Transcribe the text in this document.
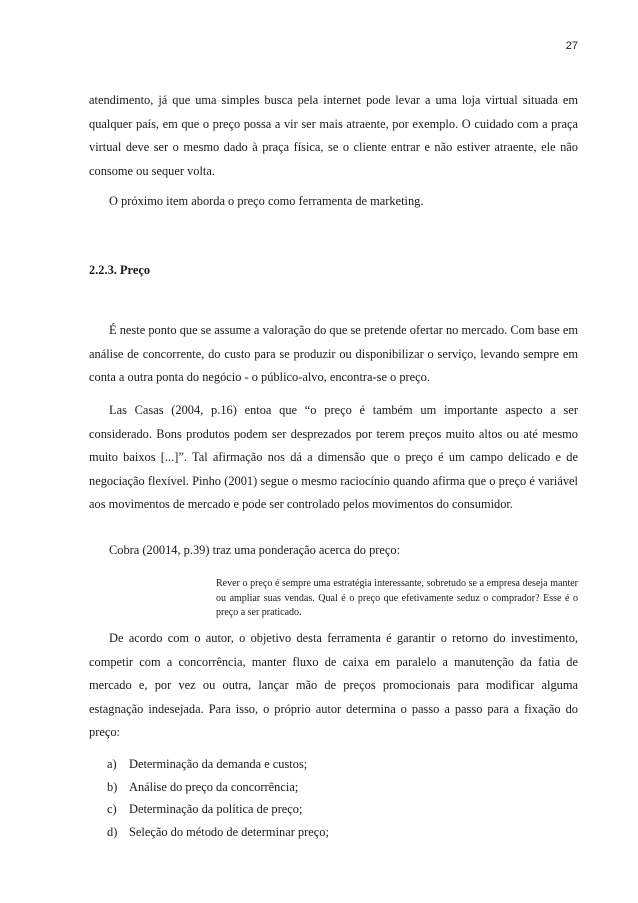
27

atendimento, já que uma simples busca pela internet pode levar a uma loja virtual situada em qualquer país, em que o preço possa a vir ser mais atraente, por exemplo. O cuidado com a praça virtual deve ser o mesmo dado à praça física, se o cliente entrar e não estiver atraente, ele não consome ou sequer volta.

O próximo item aborda o preço como ferramenta de marketing.

2.2.3. Preço

É neste ponto que se assume a valoração do que se pretende ofertar no mercado. Com base em análise de concorrente, do custo para se produzir ou disponibilizar o serviço, levando sempre em conta a outra ponta do negócio - o público-alvo, encontra-se o preço.

Las Casas (2004, p.16) entoa que “o preço é também um importante aspecto a ser considerado. Bons produtos podem ser desprezados por terem preços muito altos ou até mesmo muito baixos [...]”. Tal afirmação nos dá a dimensão que o preço é um campo delicado e de negociação flexível. Pinho (2001) segue o mesmo raciocínio quando afirma que o preço é variável aos movimentos de mercado e pode ser controlado pelos movimentos do consumidor.

Cobra (20014, p.39) traz uma ponderação acerca do preço:

Rever o preço é sempre uma estratégia interessante, sobretudo se a empresa deseja manter ou ampliar suas vendas. Qual é o preço que efetivamente seduz o comprador? Esse é o preço a ser praticado.

De acordo com o autor, o objetivo desta ferramenta é garantir o retorno do investimento, competir com a concorrência, manter fluxo de caixa em paralelo a manutenção da fatia de mercado e, por vez ou outra, lançar mão de preços promocionais para modificar alguma estagnação indesejada. Para isso, o próprio autor determina o passo a passo para a fixação do preço:

a) Determinação da demanda e custos;
b) Análise do preço da concorrência;
c) Determinação da política de preço;
d) Seleção do método de determinar preço;
